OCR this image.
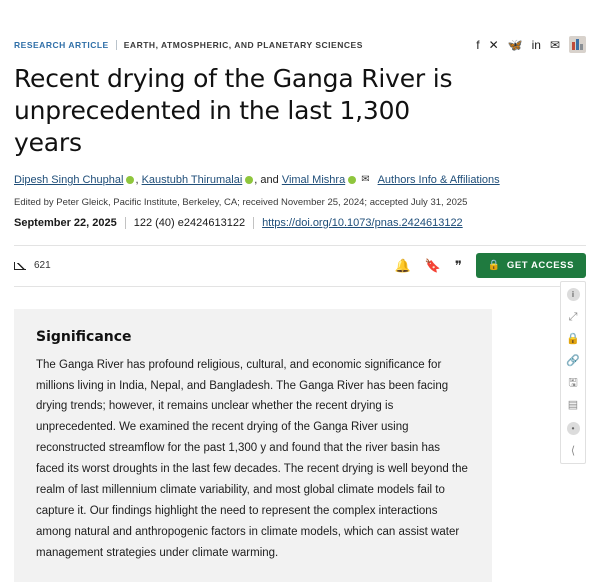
RESEARCH ARTICLE EARTH, ATMOSPHERIC, AND PLANETARY SCIENCES	f ✕ 🦋 in ✉
Recent drying of the Ganga River is unprecedented in the last 1,300 years
Dipesh Singh Chuphal , Kaustubh Thirumalai , and Vimal Mishra ✉ Authors Info & Affiliations
Edited by Peter Gleick, Pacific Institute, Berkeley, CA; received November 25, 2024; accepted July 31, 2025
September 22, 2025 122 (40) e2424613122 https://doi.org/10.1073/pnas.2424613122
621	🔔 🔖 ❞	🔒 GET ACCESS
Significance

The Ganga River has profound religious, cultural, and economic significance for millions living in India, Nepal, and Bangladesh. The Ganga River has been facing drying trends; however, it remains unclear whether the recent drying is unprecedented. We examined the recent drying of the Ganga River using reconstructed streamflow for the past 1,300 y and found that the river basin has faced its worst droughts in the last few decades. The recent drying is well beyond the realm of last millennium climate variability, and most global climate models fail to capture it. Our findings highlight the need to represent the complex interactions among natural and anthropogenic factors in climate models, which can assist water management strategies under climate warming.

i
⤢
🔒
🔗
🖫
▤
•
⟨
